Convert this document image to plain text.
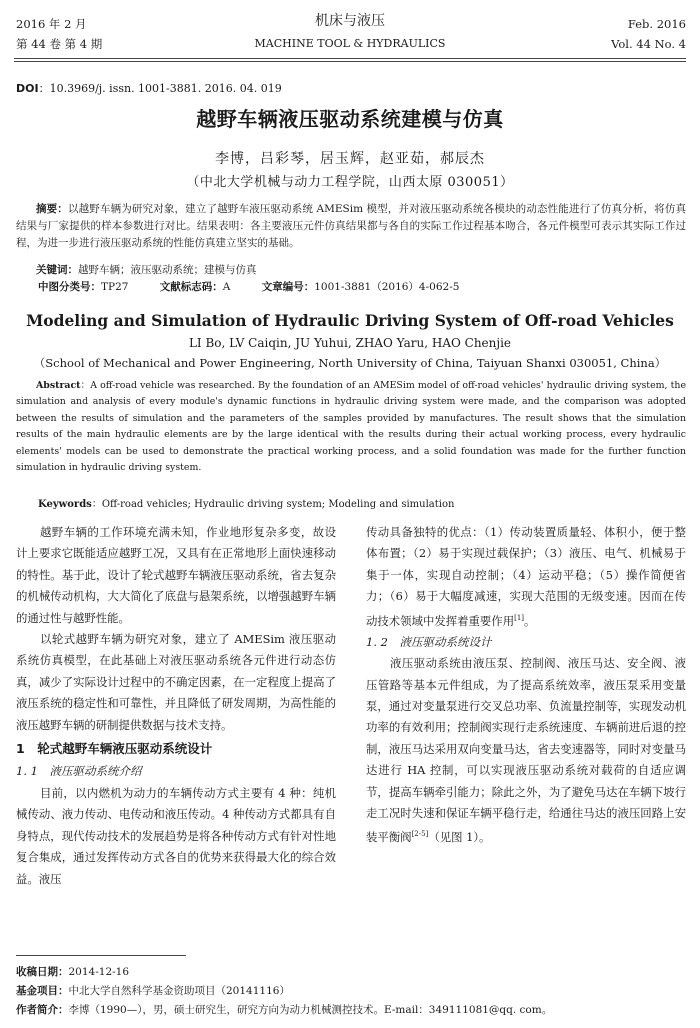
2016 年 2 月
第 44 卷 第 4 期
机床与液压
MACHINE TOOL & HYDRAULICS
Feb. 2016
Vol. 44 No. 4
DOI：10.3969/j. issn. 1001-3881. 2016. 04. 019
越野车辆液压驱动系统建模与仿真
李博，吕彩琴，居玉辉，赵亚茹，郝辰杰
（中北大学机械与动力工程学院，山西太原 030051）
摘要：以越野车辆为研究对象，建立了越野车液压驱动系统 AMESim 模型，并对液压驱动系统各模块的动态性能进行了仿真分析，将仿真结果与厂家提供的样本参数进行对比。结果表明：各主要液压元件仿真结果都与各自的实际工作过程基本吻合，各元件模型可表示其实际工作过程，为进一步进行液压驱动系统的性能仿真建立坚实的基础。
关键词：越野车辆；液压驱动系统；建模与仿真
中图分类号：TP27	文献标志码：A	文章编号：1001-3881（2016）4-062-5
Modeling and Simulation of Hydraulic Driving System of Off-road Vehicles
LI Bo, LV Caiqin, JU Yuhui, ZHAO Yaru, HAO Chenjie
（School of Mechanical and Power Engineering, North University of China, Taiyuan Shanxi 030051, China）
Abstract：A off-road vehicle was researched. By the foundation of an AMESim model of off-road vehicles' hydraulic driving system, the simulation and analysis of every module's dynamic functions in hydraulic driving system were made, and the comparison was adopted between the results of simulation and the parameters of the samples provided by manufactures. The result shows that the simulation results of the main hydraulic elements are by the large identical with the results during their actual working process, every hydraulic elements' models can be used to demonstrate the practical working process, and a solid foundation was made for the further function simulation in hydraulic driving system.
Keywords：Off-road vehicles; Hydraulic driving system; Modeling and simulation

越野车辆的工作环境充满未知，作业地形复杂多变，故设计上要求它既能适应越野工况，又具有在正常地形上面快速移动的特性。基于此，设计了轮式越野车辆液压驱动系统，省去复杂的机械传动机构，大大简化了底盘与悬架系统，以增强越野车辆的通过性与越野性能。

以轮式越野车辆为研究对象，建立了 AMESim 液压驱动系统仿真模型，在此基础上对液压驱动系统各元件进行动态仿真，减少了实际设计过程中的不确定因素，在一定程度上提高了液压系统的稳定性和可靠性，并且降低了研发周期，为高性能的液压越野车辆的研制提供数据与技术支持。

1　轮式越野车辆液压驱动系统设计
1. 1　液压驱动系统介绍

目前，以内燃机为动力的车辆传动方式主要有 4 种：纯机械传动、液力传动、电传动和液压传动。4 种传动方式都具有自身特点，现代传动技术的发展趋势是将各种传动方式有针对性地复合集成，通过发挥传动方式各自的优势来获得最大化的综合效益。液压

传动具备独特的优点：（1）传动装置质量轻、体积小，便于整体布置；（2）易于实现过载保护；（3）液压、电气、机械易于集于一体，实现自动控制；（4）运动平稳；（5）操作简便省力；（6）易于大幅度减速，实现大范围的无级变速。因而在传动技术领域中发挥着重要作用[1]。

1. 2　液压驱动系统设计

液压驱动系统由液压泵、控制阀、液压马达、安全阀、液压管路等基本元件组成，为了提高系统效率，液压泵采用变量泵，通过对变量泵进行交叉总功率、负流量控制等，实现发动机功率的有效利用；控制阀实现行走系统速度、车辆前进后退的控制，液压马达采用双向变量马达，省去变速器等，同时对变量马达进行 HA 控制，可以实现液压驱动系统对载荷的自适应调节，提高车辆牵引能力；除此之外，为了避免马达在车辆下坡行走工况时失速和保证车辆平稳行走，给通往马达的液压回路上安装平衡阀[2-5]（见图 1）。

收稿日期：2014-12-16
基金项目：中北大学自然科学基金资助项目（20141116）
作者简介：李博（1990—），男，硕士研究生，研究方向为动力机械测控技术。E-mail：349111081@qq. com。
